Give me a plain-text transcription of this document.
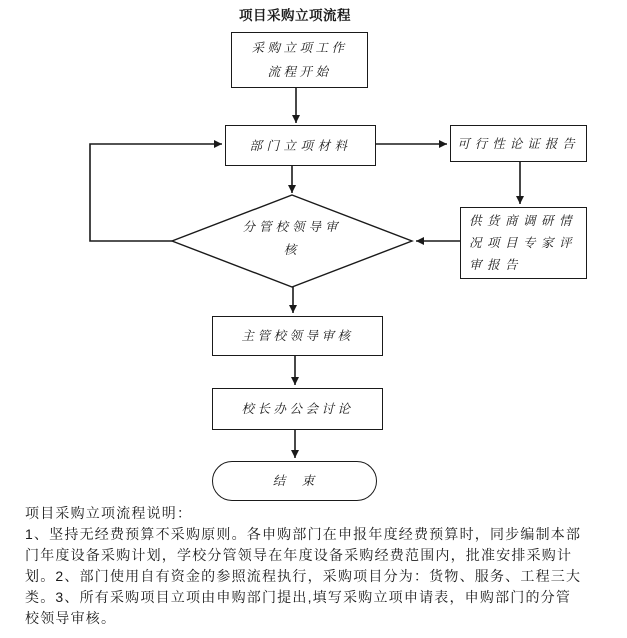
项目采购立项流程
采购立项工作
流程开始
部门立项材料	可行性论证报告
供货商调研情
况项目专家评
审报告
分管校领导审
核
主管校领导审核
校长办公会讨论
结　束
项目采购立项流程说明：
1、坚持无经费预算不采购原则。各申购部门在申报年度经费预算时，同步编制本部
门年度设备采购计划，学校分管领导在年度设备采购经费范围内，批准安排采购计
划。2、部门使用自有资金的参照流程执行，采购项目分为：货物、服务、工程三大
类。3、所有采购项目立项由申购部门提出,填写采购立项申请表，申购部门的分管
校领导审核。
